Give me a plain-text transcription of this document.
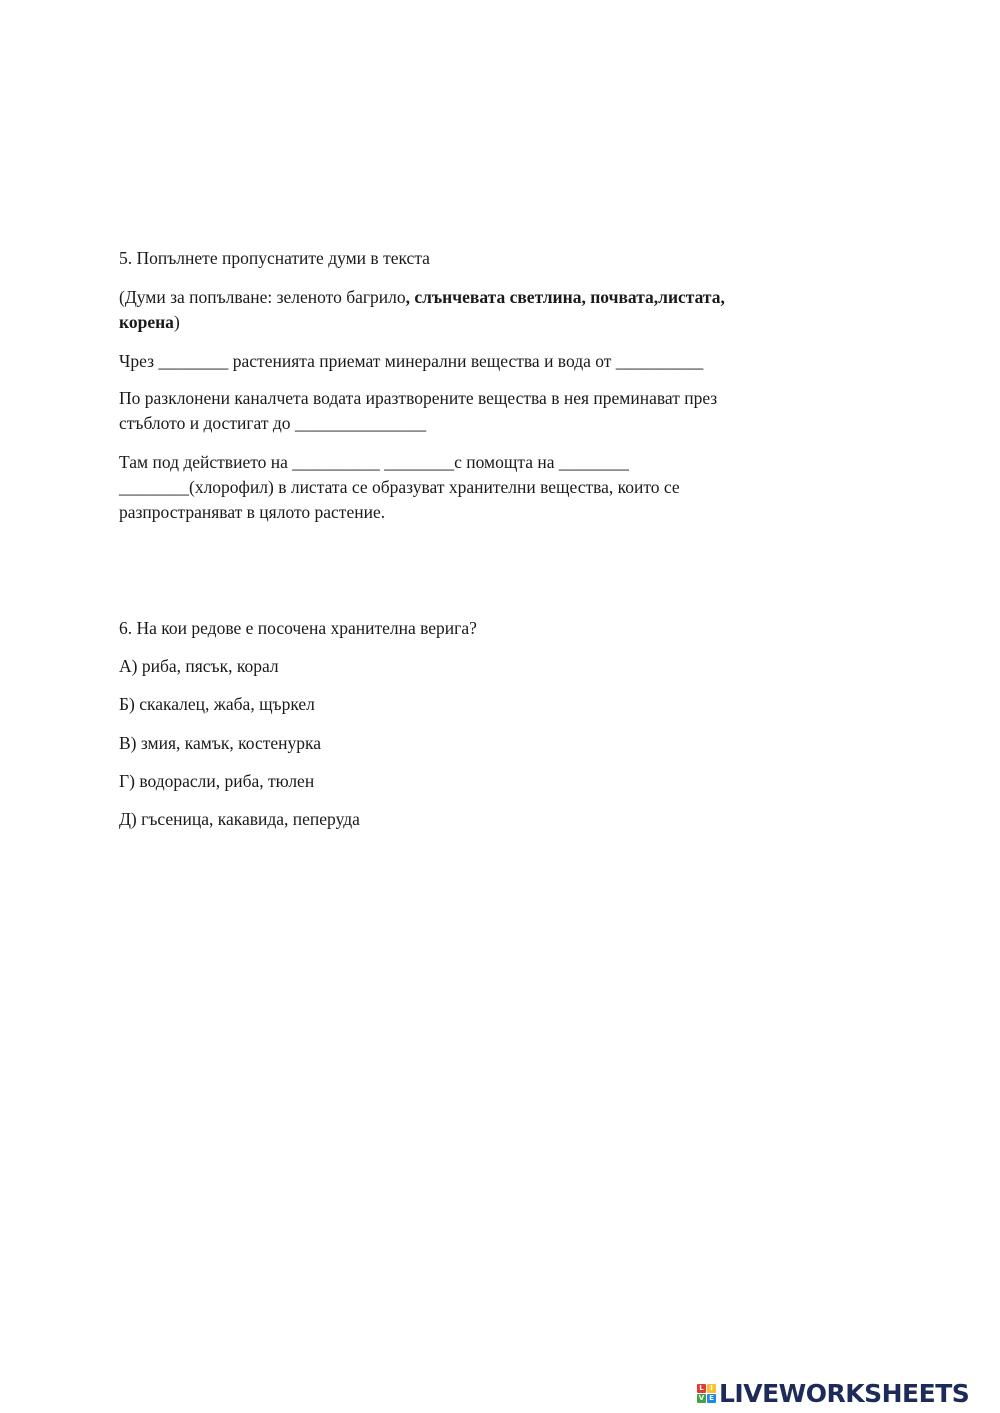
5. Попълнете пропуснатите думи в текста

(Думи за попълване: зеленото багрило, слънчевата светлина, почвата,листата,
корена)

Чрез ________ растенията приемат минерални вещества и вода от __________

По разклонени каналчета водата иразтворените вещества в нея преминават през
стъблото и достигат до _______________

Там под действието на __________ ________с помощта на ________
________(хлорофил) в листата се образуват хранителни вещества, които се
разпространяват в цялото растение.

6. На кои редове е посочена хранителна верига?

А) риба, пясък, корал

Б) скакалец, жаба, щъркел

В) змия, камък, костенурка

Г) водорасли, риба, тюлен

Д) гъсеница, какавида, пеперуда

L I
V E LIVEWORKSHEETS
